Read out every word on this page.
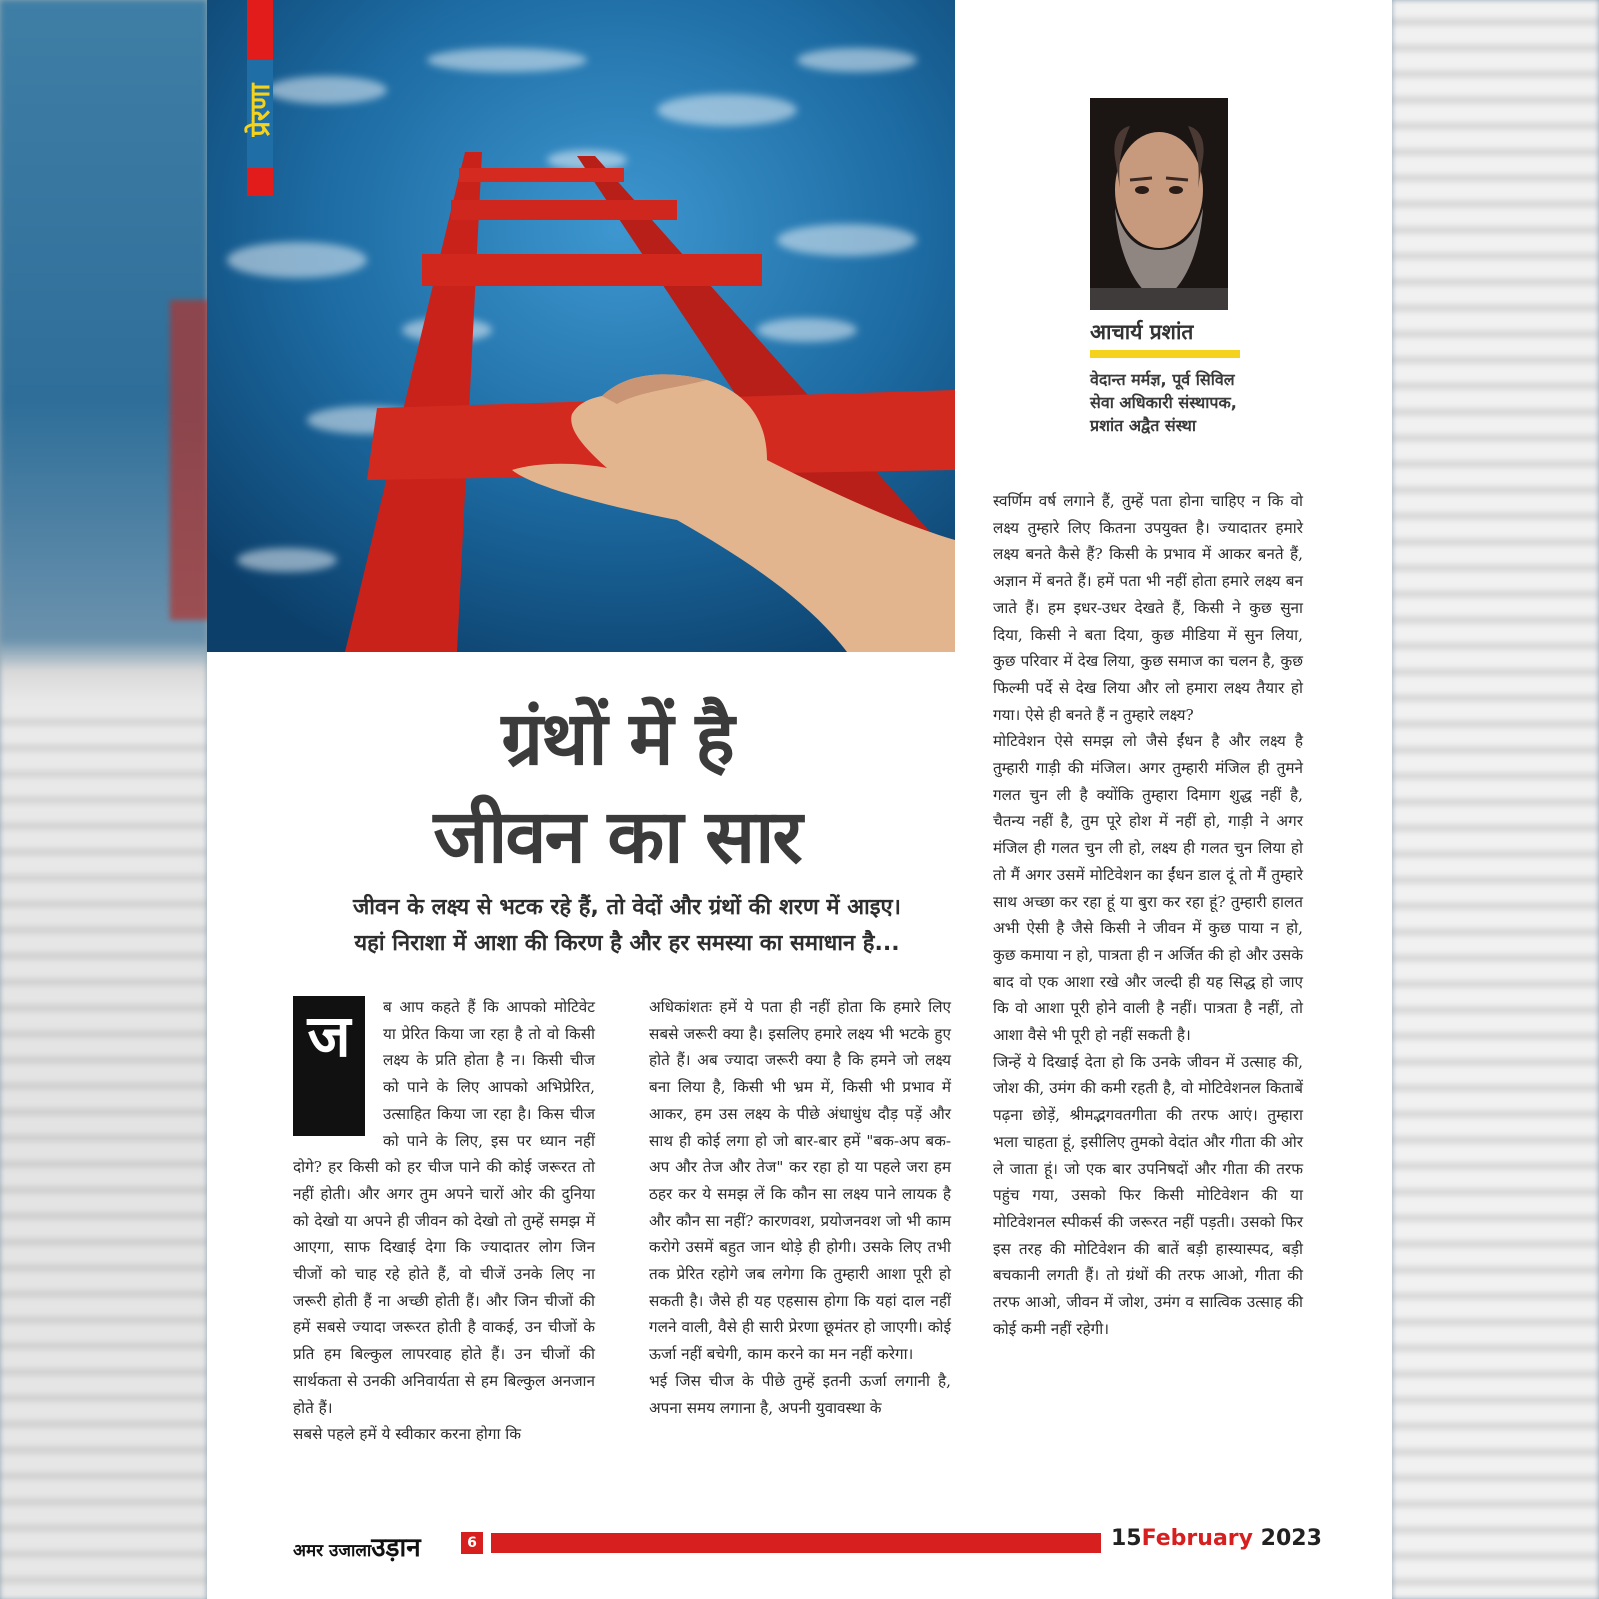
प्रेरणा
आचार्य प्रशांत
वेदान्त मर्मज्ञ, पूर्व सिविल
सेवा अधिकारी संस्थापक,
प्रशांत अद्वैत संस्था
ग्रंथों में है
जीवन का सार
जीवन के लक्ष्य से भटक रहे हैं, तो वेदों और ग्रंथों की शरण में आइए।
यहां निराशा में आशा की किरण है और हर समस्या का समाधान है...
ज	ब आप कहते हैं कि आपको मोटिवेट या प्रेरित किया जा रहा है तो वो किसी लक्ष्य के प्रति होता है न। किसी चीज को पाने के लिए आपको अभिप्रेरित, उत्साहित किया जा रहा है। किस चीज को पाने के लिए, इस पर ध्यान नहीं दोगे? हर किसी को हर चीज पाने की कोई जरूरत तो नहीं होती। और अगर तुम अपने चारों ओर की दुनिया को देखो या अपने ही जीवन को देखो तो तुम्हें समझ में आएगा, साफ दिखाई देगा कि ज्यादातर लोग जिन चीजों को चाह रहे होते हैं, वो चीजें उनके लिए ना जरूरी होती हैं ना अच्छी होती हैं। और जिन चीजों की हमें सबसे ज्यादा जरूरत होती है वाकई, उन चीजों के प्रति हम बिल्कुल लापरवाह होते हैं। उन चीजों की सार्थकता से उनकी अनिवार्यता से हम बिल्कुल अनजान होते हैं।

सबसे पहले हमें ये स्वीकार करना होगा कि

अधिकांशतः हमें ये पता ही नहीं होता कि हमारे लिए सबसे जरूरी क्या है। इसलिए हमारे लक्ष्य भी भटके हुए होते हैं। अब ज्यादा जरूरी क्या है कि हमने जो लक्ष्य बना लिया है, किसी भी भ्रम में, किसी भी प्रभाव में आकर, हम उस लक्ष्य के पीछे अंधाधुंध दौड़ पड़ें और साथ ही कोई लगा हो जो बार-बार हमें "बक-अप बक-अप और तेज और तेज" कर रहा हो या पहले जरा हम ठहर कर ये समझ लें कि कौन सा लक्ष्य पाने लायक है और कौन सा नहीं? कारणवश, प्रयोजनवश जो भी काम करोगे उसमें बहुत जान थोड़े ही होगी। उसके लिए तभी तक प्रेरित रहोगे जब लगेगा कि तुम्हारी आशा पूरी हो सकती है। जैसे ही यह एहसास होगा कि यहां दाल नहीं गलने वाली, वैसे ही सारी प्रेरणा छूमंतर हो जाएगी। कोई ऊर्जा नहीं बचेगी, काम करने का मन नहीं करेगा।

भई जिस चीज के पीछे तुम्हें इतनी ऊर्जा लगानी है, अपना समय लगाना है, अपनी युवावस्था के

स्वर्णिम वर्ष लगाने हैं, तुम्हें पता होना चाहिए न कि वो लक्ष्य तुम्हारे लिए कितना उपयुक्त है। ज्यादातर हमारे लक्ष्य बनते कैसे हैं? किसी के प्रभाव में आकर बनते हैं, अज्ञान में बनते हैं। हमें पता भी नहीं होता हमारे लक्ष्य बन जाते हैं। हम इधर-उधर देखते हैं, किसी ने कुछ सुना दिया, किसी ने बता दिया, कुछ मीडिया में सुन लिया, कुछ परिवार में देख लिया, कुछ समाज का चलन है, कुछ फिल्मी पर्दे से देख लिया और लो हमारा लक्ष्य तैयार हो गया। ऐसे ही बनते हैं न तुम्हारे लक्ष्य?

मोटिवेशन ऐसे समझ लो जैसे ईंधन है और लक्ष्य है तुम्हारी गाड़ी की मंजिल। अगर तुम्हारी मंजिल ही तुमने गलत चुन ली है क्योंकि तुम्हारा दिमाग शुद्ध नहीं है, चैतन्य नहीं है, तुम पूरे होश में नहीं हो, गाड़ी ने अगर मंजिल ही गलत चुन ली हो, लक्ष्य ही गलत चुन लिया हो तो मैं अगर उसमें मोटिवेशन का ईंधन डाल दूं तो मैं तुम्हारे साथ अच्छा कर रहा हूं या बुरा कर रहा हूं? तुम्हारी हालत अभी ऐसी है जैसे किसी ने जीवन में कुछ पाया न हो, कुछ कमाया न हो, पात्रता ही न अर्जित की हो और उसके बाद वो एक आशा रखे और जल्दी ही यह सिद्ध हो जाए कि वो आशा पूरी होने वाली है नहीं। पात्रता है नहीं, तो आशा वैसे भी पूरी हो नहीं सकती है।

जिन्हें ये दिखाई देता हो कि उनके जीवन में उत्साह की, जोश की, उमंग की कमी रहती है, वो मोटिवेशनल किताबें पढ़ना छोड़ें, श्रीमद्भगवतगीता की तरफ आएं। तुम्हारा भला चाहता हूं, इसीलिए तुमको वेदांत और गीता की ओर ले जाता हूं। जो एक बार उपनिषदों और गीता की तरफ पहुंच गया, उसको फिर किसी मोटिवेशन की या मोटिवेशनल स्पीकर्स की जरूरत नहीं पड़ती। उसको फिर इस तरह की मोटिवेशन की बातें बड़ी हास्यास्पद, बड़ी बचकानी लगती हैं। तो ग्रंथों की तरफ आओ, गीता की तरफ आओ, जीवन में जोश, उमंग व सात्विक उत्साह की कोई कमी नहीं रहेगी।

अमर उजालाउड़ान	6	15February 2023
